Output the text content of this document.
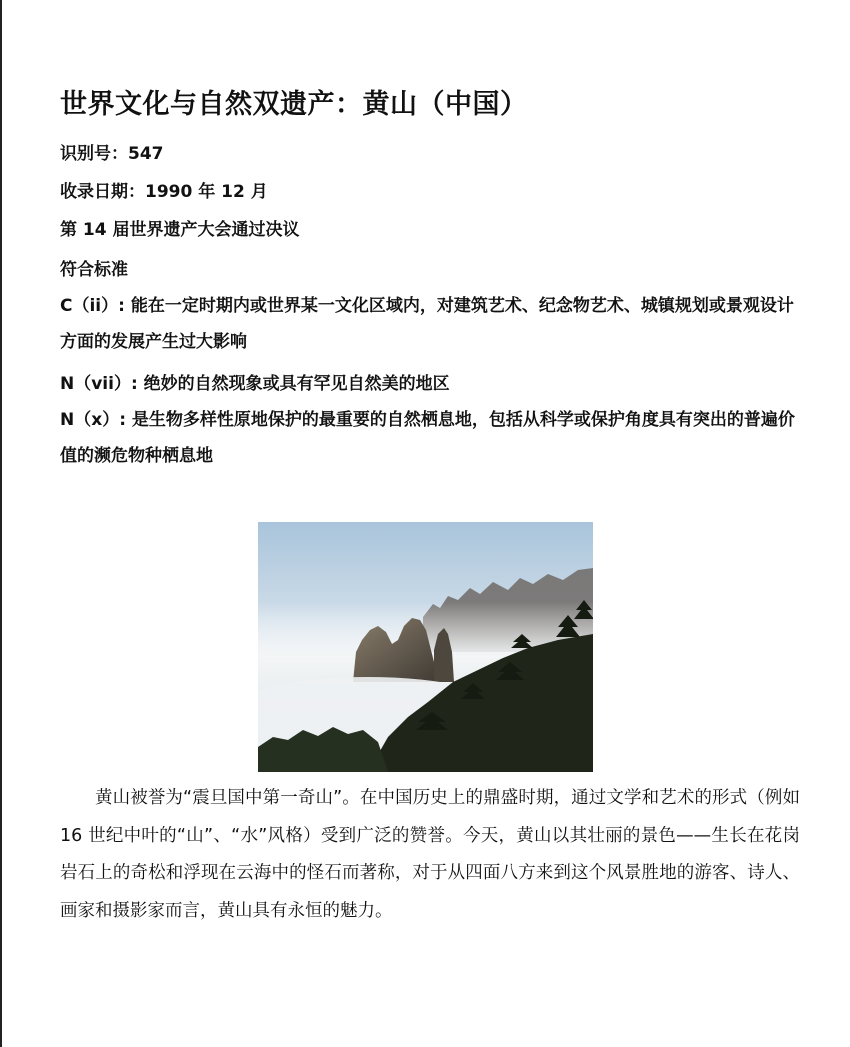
世界文化与自然双遗产：黄山（中国）

识别号：547

收录日期：1990 年 12 月

第 14 届世界遗产大会通过决议

符合标准

C（ii）: 能在一定时期内或世界某一文化区域内，对建筑艺术、纪念物艺术、城镇规划或景观设计方面的发展产生过大影响

N（vii）: 绝妙的自然现象或具有罕见自然美的地区

N（x）: 是生物多样性原地保护的最重要的自然栖息地，包括从科学或保护角度具有突出的普遍价值的濒危物种栖息地

黄山被誉为“震旦国中第一奇山”。在中国历史上的鼎盛时期，通过文学和艺术的形式（例如 16 世纪中叶的“山”、“水”风格）受到广泛的赞誉。今天，黄山以其壮丽的景色——生长在花岗岩石上的奇松和浮现在云海中的怪石而著称，对于从四面八方来到这个风景胜地的游客、诗人、画家和摄影家而言，黄山具有永恒的魅力。
